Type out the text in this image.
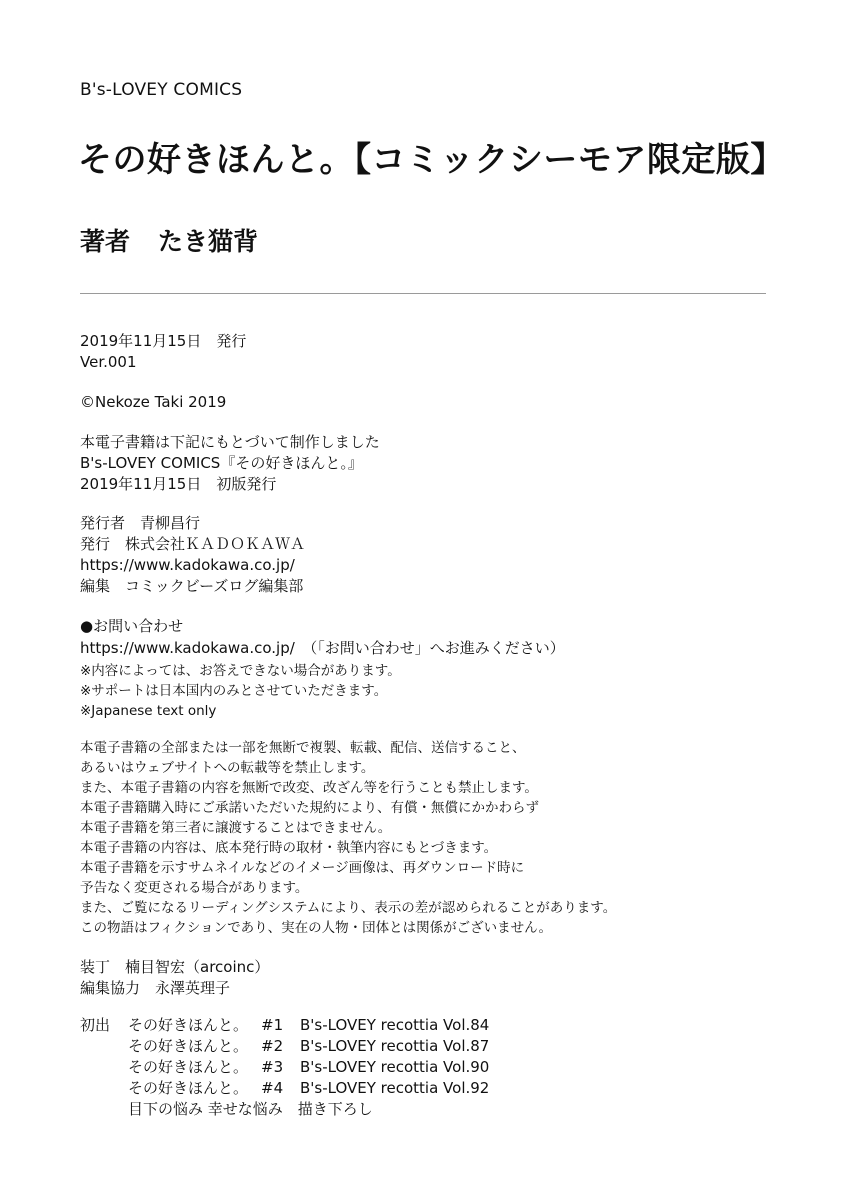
B's-LOVEY COMICS
その好きほんと。【コミックシーモア限定版】
著者 たき猫背
2019年11月15日　発行
Ver.001
©Nekoze Taki 2019
本電子書籍は下記にもとづいて制作しました
B's-LOVEY COMICS『その好きほんと。』
2019年11月15日　初版発行
発行者　青柳昌行
発行　株式会社ＫＡＤＯＫＡＷＡ
https://www.kadokawa.co.jp/
編集　コミックビーズログ編集部
●お問い合わせ
https://www.kadokawa.co.jp/　（「お問い合わせ」へお進みください）
※内容によっては、お答えできない場合があります。
※サポートは日本国内のみとさせていただきます。
※Japanese text only
本電子書籍の全部または一部を無断で複製、転載、配信、送信すること、
あるいはウェブサイトへの転載等を禁止します。
また、本電子書籍の内容を無断で改変、改ざん等を行うことも禁止します。
本電子書籍購入時にご承諾いただいた規約により、有償・無償にかかわらず
本電子書籍を第三者に譲渡することはできません。
本電子書籍の内容は、底本発行時の取材・執筆内容にもとづきます。
本電子書籍を示すサムネイルなどのイメージ画像は、再ダウンロード時に
予告なく変更される場合があります。
また、ご覧になるリーディングシステムにより、表示の差が認められることがあります。
この物語はフィクションであり、実在の人物・団体とは関係がございません。
装丁　楠目智宏（arcoinc）
編集協力　永澤英理子
初出 その好きほんと。 #1 B's-LOVEY recottia Vol.84
その好きほんと。 #2 B's-LOVEY recottia Vol.87
その好きほんと。 #3 B's-LOVEY recottia Vol.90
その好きほんと。 #4 B's-LOVEY recottia Vol.92
目下の悩み 幸せな悩み　描き下ろし
